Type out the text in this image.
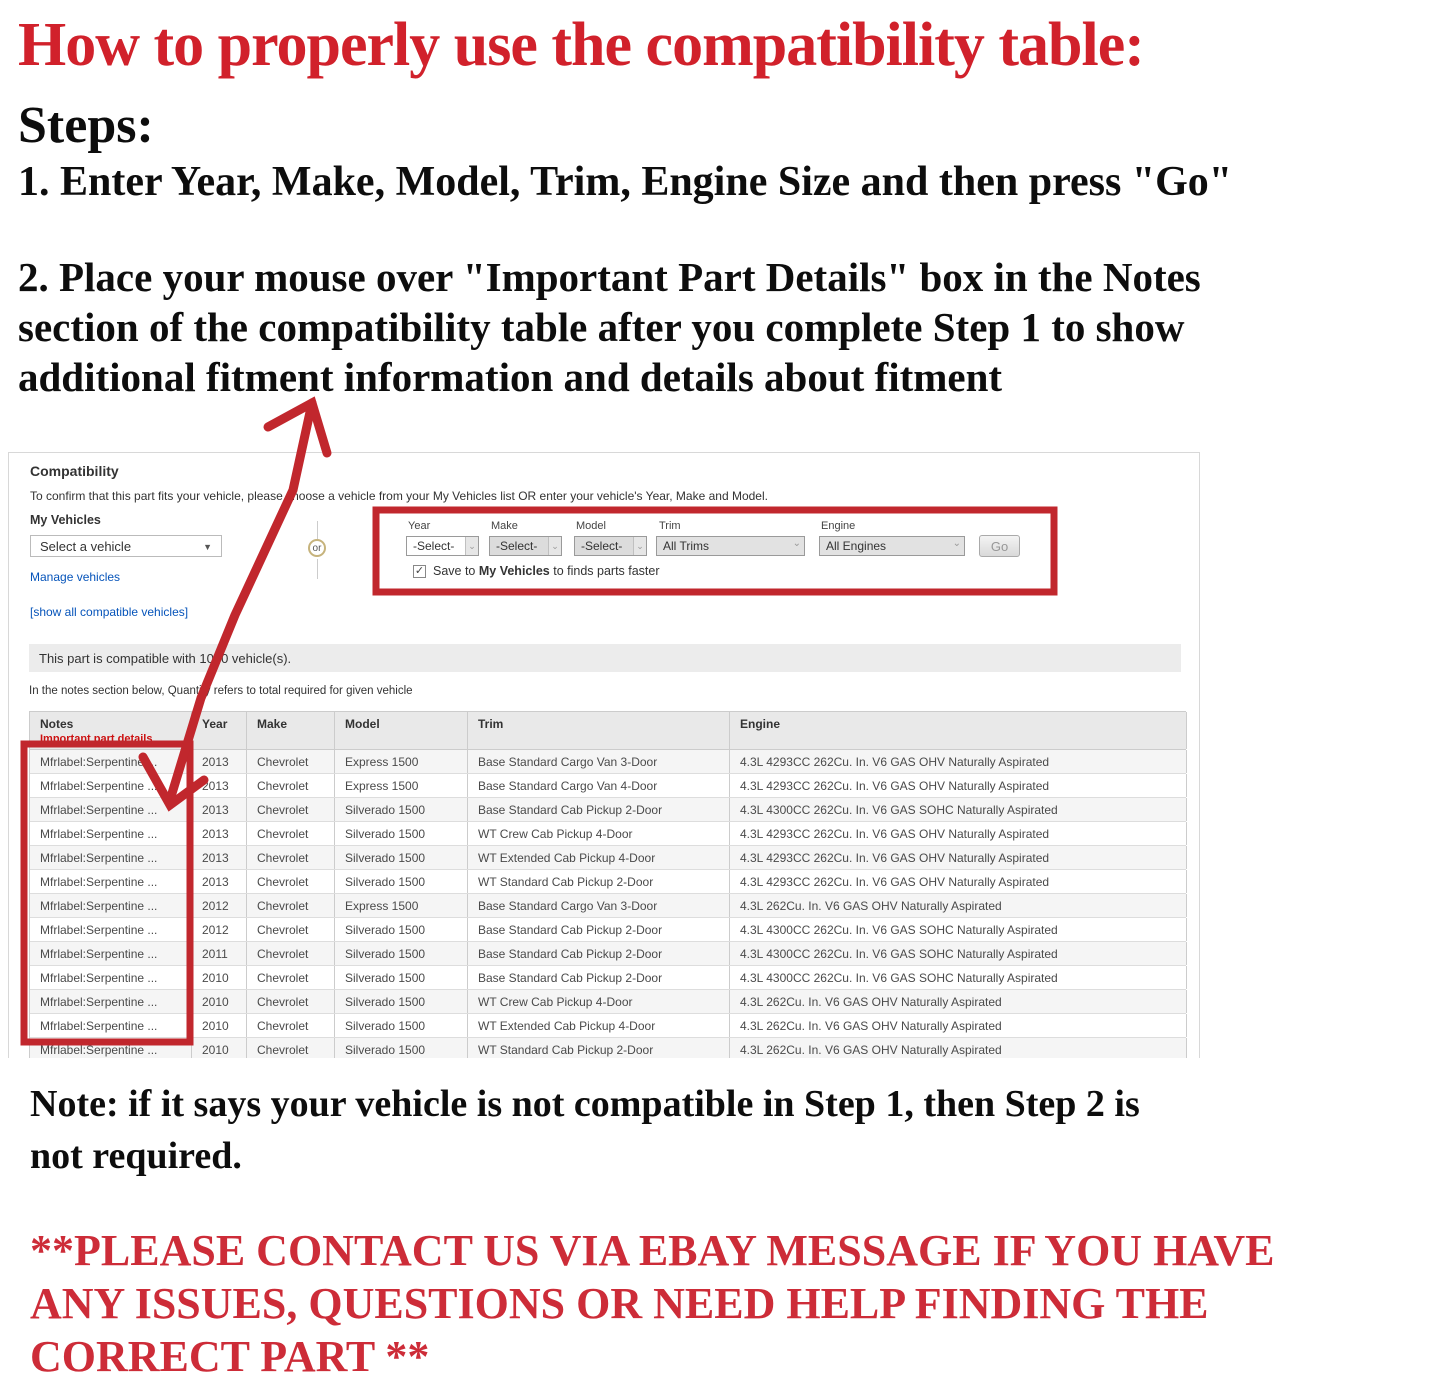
How to properly use the compatibility table:
Steps:
1. Enter Year, Make, Model, Trim, Engine Size and then press "Go"
2. Place your mouse over "Important Part Details" box in the Notes
section of the compatibility table after you complete Step 1 to show
additional fitment information and details about fitment
Compatibility
To confirm that this part fits your vehicle, please choose a vehicle from your My Vehicles list OR enter your vehicle's Year, Make and Model.
My Vehicles
Select a vehicle	▼
Manage vehicles
[show all compatible vehicles]
or
Year	Make	Model	Trim	Engine
-Select-	⌄ -Select-	⌄ -Select-	⌄ All Trims	⌄ All Engines	⌄	Go
✓ Save to My Vehicles to finds parts faster
This part is compatible with 1000 vehicle(s).
In the notes section below, Quantity refers to total required for given vehicle
Notes
Important part details
Year	Make	Model	Trim	Engine
Mfrlabel:Serpentine ...	2013	Chevrolet	Express 1500	Base Standard Cargo Van 3-Door	4.3L 4293CC 262Cu. In. V6 GAS OHV Naturally Aspirated
Mfrlabel:Serpentine ...	2013	Chevrolet	Express 1500	Base Standard Cargo Van 4-Door	4.3L 4293CC 262Cu. In. V6 GAS OHV Naturally Aspirated
Mfrlabel:Serpentine ...	2013	Chevrolet	Silverado 1500	Base Standard Cab Pickup 2-Door	4.3L 4300CC 262Cu. In. V6 GAS SOHC Naturally Aspirated
Mfrlabel:Serpentine ...	2013	Chevrolet	Silverado 1500	WT Crew Cab Pickup 4-Door	4.3L 4293CC 262Cu. In. V6 GAS OHV Naturally Aspirated
Mfrlabel:Serpentine ...	2013	Chevrolet	Silverado 1500	WT Extended Cab Pickup 4-Door	4.3L 4293CC 262Cu. In. V6 GAS OHV Naturally Aspirated
Mfrlabel:Serpentine ...	2013	Chevrolet	Silverado 1500	WT Standard Cab Pickup 2-Door	4.3L 4293CC 262Cu. In. V6 GAS OHV Naturally Aspirated
Mfrlabel:Serpentine ...	2012	Chevrolet	Express 1500	Base Standard Cargo Van 3-Door	4.3L 262Cu. In. V6 GAS OHV Naturally Aspirated
Mfrlabel:Serpentine ...	2012	Chevrolet	Silverado 1500	Base Standard Cab Pickup 2-Door	4.3L 4300CC 262Cu. In. V6 GAS SOHC Naturally Aspirated
Mfrlabel:Serpentine ...	2011	Chevrolet	Silverado 1500	Base Standard Cab Pickup 2-Door	4.3L 4300CC 262Cu. In. V6 GAS SOHC Naturally Aspirated
Mfrlabel:Serpentine ...	2010	Chevrolet	Silverado 1500	Base Standard Cab Pickup 2-Door	4.3L 4300CC 262Cu. In. V6 GAS SOHC Naturally Aspirated
Mfrlabel:Serpentine ...	2010	Chevrolet	Silverado 1500	WT Crew Cab Pickup 4-Door	4.3L 262Cu. In. V6 GAS OHV Naturally Aspirated
Mfrlabel:Serpentine ...	2010	Chevrolet	Silverado 1500	WT Extended Cab Pickup 4-Door	4.3L 262Cu. In. V6 GAS OHV Naturally Aspirated
Mfrlabel:Serpentine ...	2010	Chevrolet	Silverado 1500	WT Standard Cab Pickup 2-Door	4.3L 262Cu. In. V6 GAS OHV Naturally Aspirated
Note: if it says your vehicle is not compatible in Step 1, then Step 2 is
not required.
**PLEASE CONTACT US VIA EBAY MESSAGE IF YOU HAVE
ANY ISSUES, QUESTIONS OR NEED HELP FINDING THE
CORRECT PART **
